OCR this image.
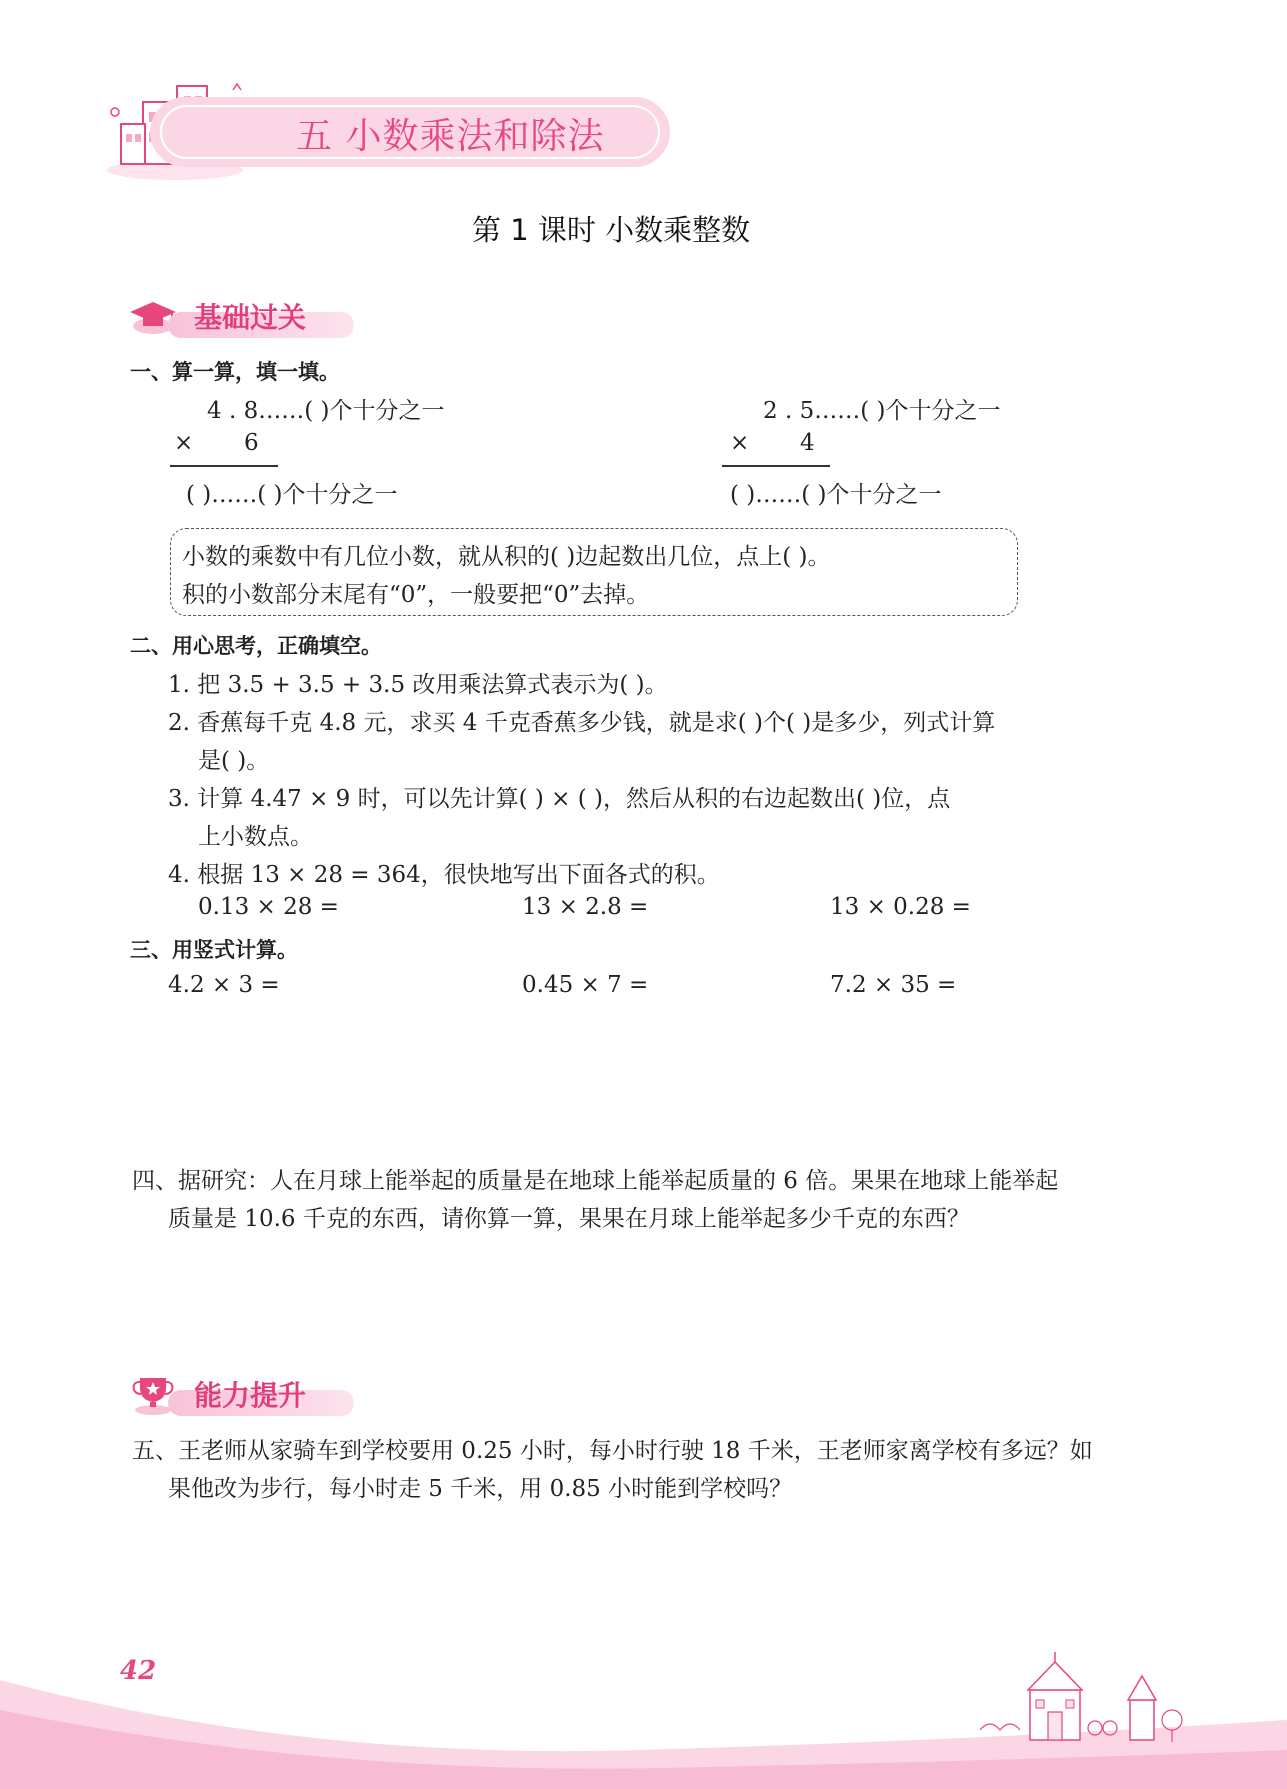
五 小数乘法和除法
第 1 课时 小数乘整数
基础过关
一、算一算，填一填。
4 . 8……( )个十分之一
× 6
( )……( )个十分之一
2 . 5……( )个十分之一
× 4
( )……( )个十分之一
小数的乘数中有几位小数，就从积的( )边起数出几位，点上( )。
积的小数部分末尾有“0”，一般要把“0”去掉。
二、用心思考，正确填空。
1. 把 3.5 + 3.5 + 3.5 改用乘法算式表示为( )。
2. 香蕉每千克 4.8 元，求买 4 千克香蕉多少钱，就是求( )个( )是多少，列式计算
是( )。
3. 计算 4.47 × 9 时，可以先计算( ) × ( )，然后从积的右边起数出( )位，点
上小数点。
4. 根据 13 × 28 = 364，很快地写出下面各式的积。
0.13 × 28 =	13 × 2.8 =	13 × 0.28 =
三、用竖式计算。
4.2 × 3 =	0.45 × 7 =	7.2 × 35 =
四、据研究：人在月球上能举起的质量是在地球上能举起质量的 6 倍。果果在地球上能举起
质量是 10.6 千克的东西，请你算一算，果果在月球上能举起多少千克的东西？
能力提升
五、王老师从家骑车到学校要用 0.25 小时，每小时行驶 18 千米，王老师家离学校有多远？如
果他改为步行，每小时走 5 千米，用 0.85 小时能到学校吗？
42
